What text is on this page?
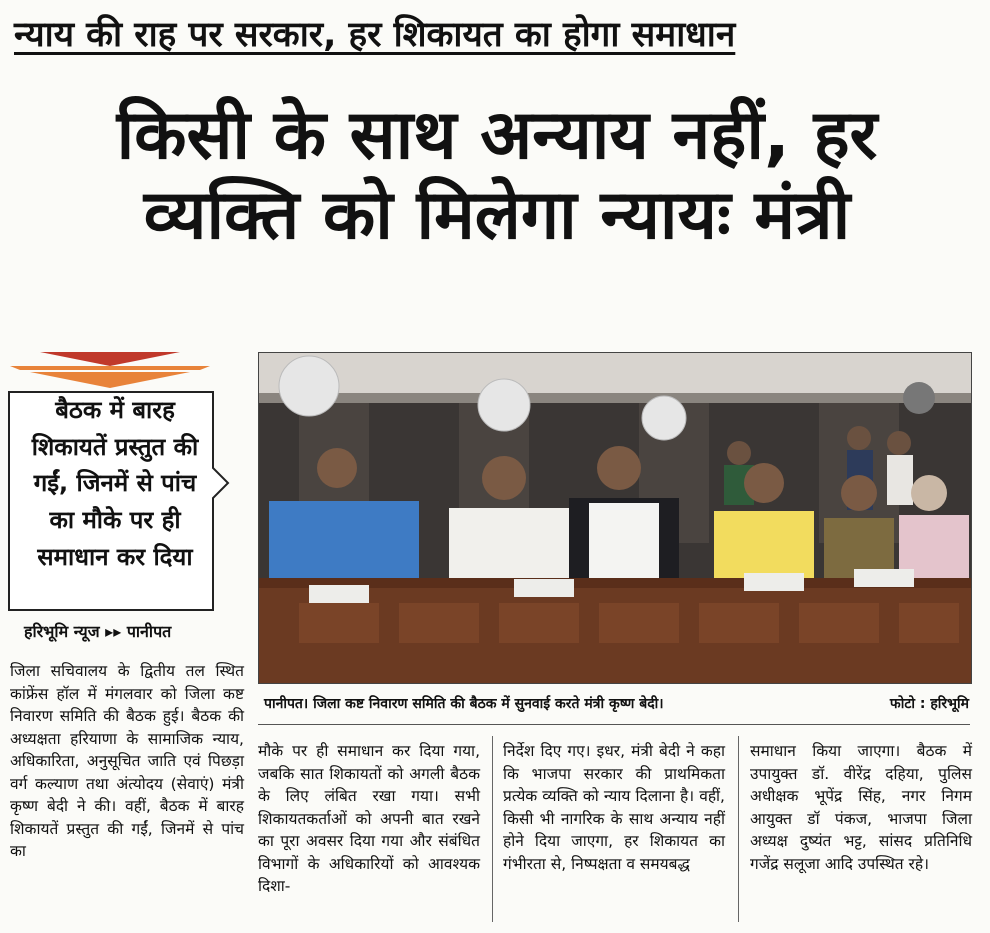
न्याय की राह पर सरकार, हर शिकायत का होगा समाधान
किसी के साथ अन्याय नहीं, हर
व्यक्ति को मिलेगा न्यायः मंत्री
बैठक में बारह शिकायतें प्रस्तुत की गईं, जिनमें से पांच का मौके पर ही समाधान कर दिया
हरिभूमि न्यूज ▸▸ पानीपत
पानीपत। जिला कष्ट निवारण समिति की बैठक में सुनवाई करते मंत्री कृष्ण बेदी।	फोटो : हरिभूमि

जिला सचिवालय के द्वितीय तल स्थित कांफ्रेंस हॉल में मंगलवार को जिला कष्ट निवारण समिति की बैठक हुई। बैठक की अध्यक्षता हरियाणा के सामाजिक न्याय, अधिकारिता, अनुसूचित जाति एवं पिछड़ा वर्ग कल्याण तथा अंत्योदय (सेवाएं) मंत्री कृष्ण बेदी ने की। वहीं, बैठक में बारह शिकायतें प्रस्तुत की गईं, जिनमें से पांच का

मौके पर ही समाधान कर दिया गया, जबकि सात शिकायतों को अगली बैठक के लिए लंबित रखा गया। सभी शिकायतकर्ताओं को अपनी बात रखने का पूरा अवसर दिया गया और संबंधित विभागों के अधिकारियों को आवश्यक दिशा-

निर्देश दिए गए। इधर, मंत्री बेदी ने कहा कि भाजपा सरकार की प्राथमिकता प्रत्येक व्यक्ति को न्याय दिलाना है। वहीं, किसी भी नागरिक के साथ अन्याय नहीं होने दिया जाएगा, हर शिकायत का गंभीरता से, निष्पक्षता व समयबद्ध

समाधान किया जाएगा। बैठक में उपायुक्त डॉ. वीरेंद्र दहिया, पुलिस अधीक्षक भूपेंद्र सिंह, नगर निगम आयुक्त डॉ पंकज, भाजपा जिला अध्यक्ष दुष्यंत भट्ट, सांसद प्रतिनिधि गजेंद्र सलूजा आदि उपस्थित रहे।
